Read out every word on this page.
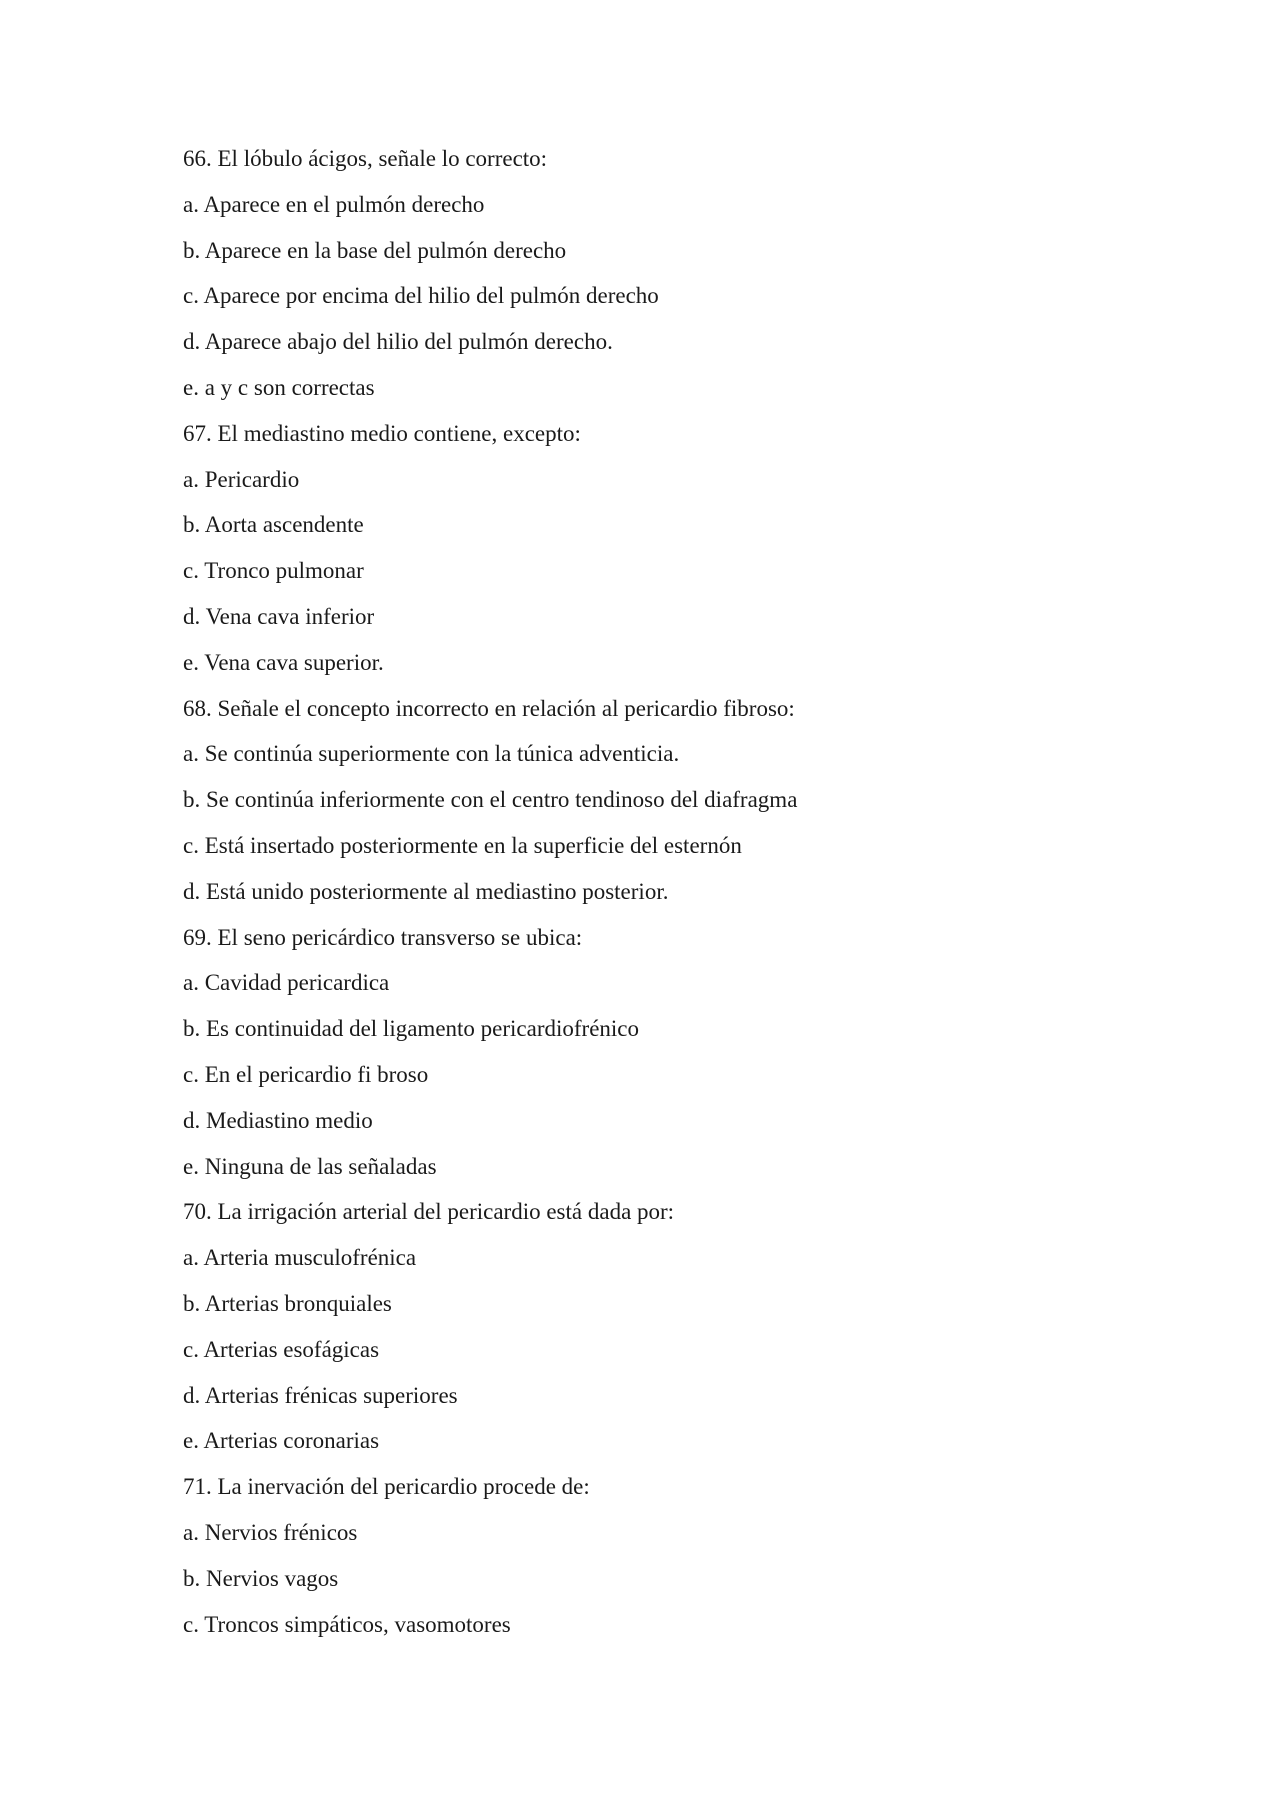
66. El lóbulo ácigos, señale lo correcto:
a. Aparece en el pulmón derecho
b. Aparece en la base del pulmón derecho
c. Aparece por encima del hilio del pulmón derecho
d. Aparece abajo del hilio del pulmón derecho.
e. a y c son correctas
67. El mediastino medio contiene, excepto:
a. Pericardio
b. Aorta ascendente
c. Tronco pulmonar
d. Vena cava inferior
e. Vena cava superior.
68. Señale el concepto incorrecto en relación al pericardio fibroso:
a. Se continúa superiormente con la túnica adventicia.
b. Se continúa inferiormente con el centro tendinoso del diafragma
c. Está insertado posteriormente en la superficie del esternón
d. Está unido posteriormente al mediastino posterior.
69. El seno pericárdico transverso se ubica:
a. Cavidad pericardica
b. Es continuidad del ligamento pericardiofrénico
c. En el pericardio fi broso
d. Mediastino medio
e. Ninguna de las señaladas
70. La irrigación arterial del pericardio está dada por:
a. Arteria musculofrénica
b. Arterias bronquiales
c. Arterias esofágicas
d. Arterias frénicas superiores
e. Arterias coronarias
71. La inervación del pericardio procede de:
a. Nervios frénicos
b. Nervios vagos
c. Troncos simpáticos, vasomotores
